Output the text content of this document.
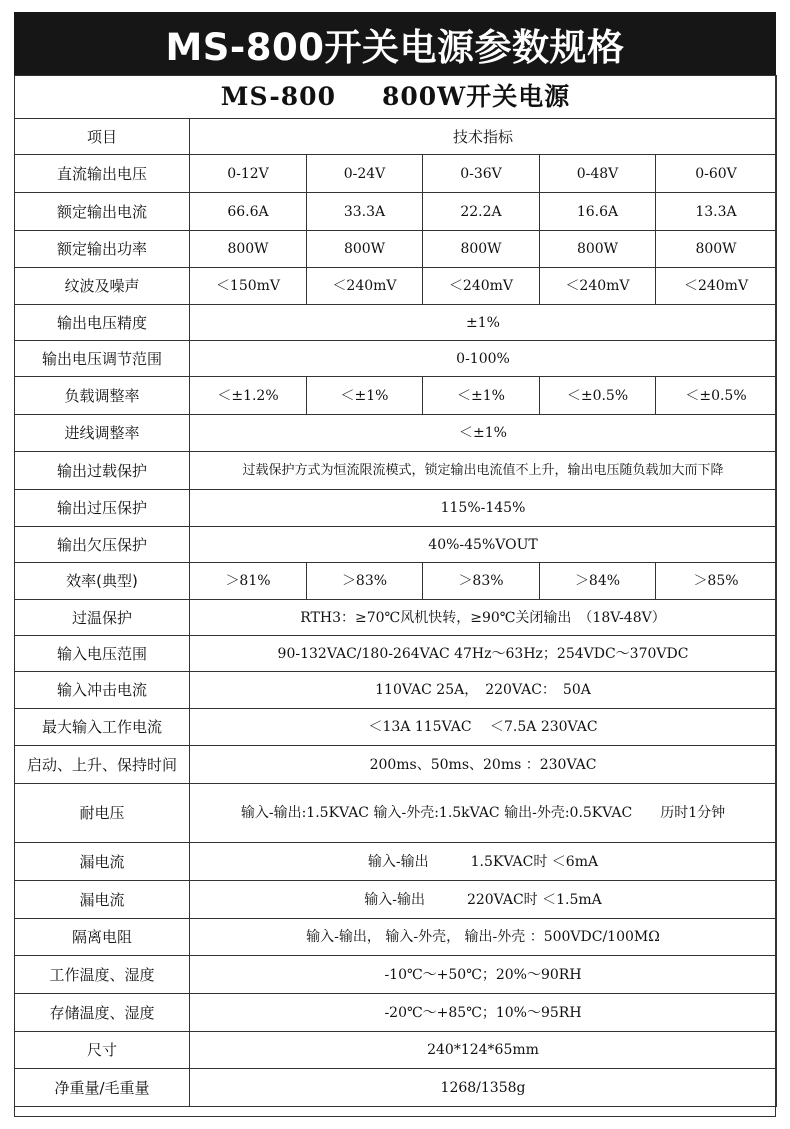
MS-800开关电源参数规格
MS-800 800W开关电源					
项目	技术指标				
直流输出电压	0-12V	0-24V	0-36V	0-48V	0-60V
额定输出电流	66.6A	33.3A	22.2A	16.6A	13.3A
额定输出功率	800W	800W	800W	800W	800W
纹波及噪声	＜150mV	＜240mV	＜240mV	＜240mV	＜240mV
输出电压精度	±1%				
输出电压调节范围	0-100%				
负载调整率	＜±1.2%	＜±1%	＜±1%	＜±0.5%	＜±0.5%
进线调整率	＜±1%				
输出过载保护	过载保护方式为恒流限流模式，锁定输出电流值不上升，输出电压随负载加大而下降				
输出过压保护	115%-145%				
输出欠压保护	40%-45%VOUT				
效率(典型)	＞81%	＞83%	＞83%	＞84%	＞85%
过温保护	RTH3：≥70℃风机快转，≥90℃关闭输出　（18V-48V）				
输入电压范围	90-132VAC/180-264VAC 47Hz～63Hz；254VDC～370VDC				
输入冲击电流	110VAC 25A，　220VAC：　50A				
最大输入工作电流	＜13A 115VAC　 ＜7.5A 230VAC				
启动、上升、保持时间	200ms、50ms、20ms ：230VAC				
耐电压	输入-输出:1.5KVAC 输入-外壳:1.5kVAC 输出-外壳:0.5KVAC　　历时1分钟				
漏电流	输入-输出　　　1.5KVAC时 ＜6mA				
漏电流	输入-输出　　　220VAC时 ＜1.5mA				
隔离电阻	输入-输出， 输入-外壳， 输出-外壳 ：500VDC/100MΩ				
工作温度、湿度	-10℃～+50℃；20%～90RH				
存储温度、湿度	-20℃～+85℃；10%～95RH				
尺寸	240*124*65mm				
净重量/毛重量	1268/1358g				
